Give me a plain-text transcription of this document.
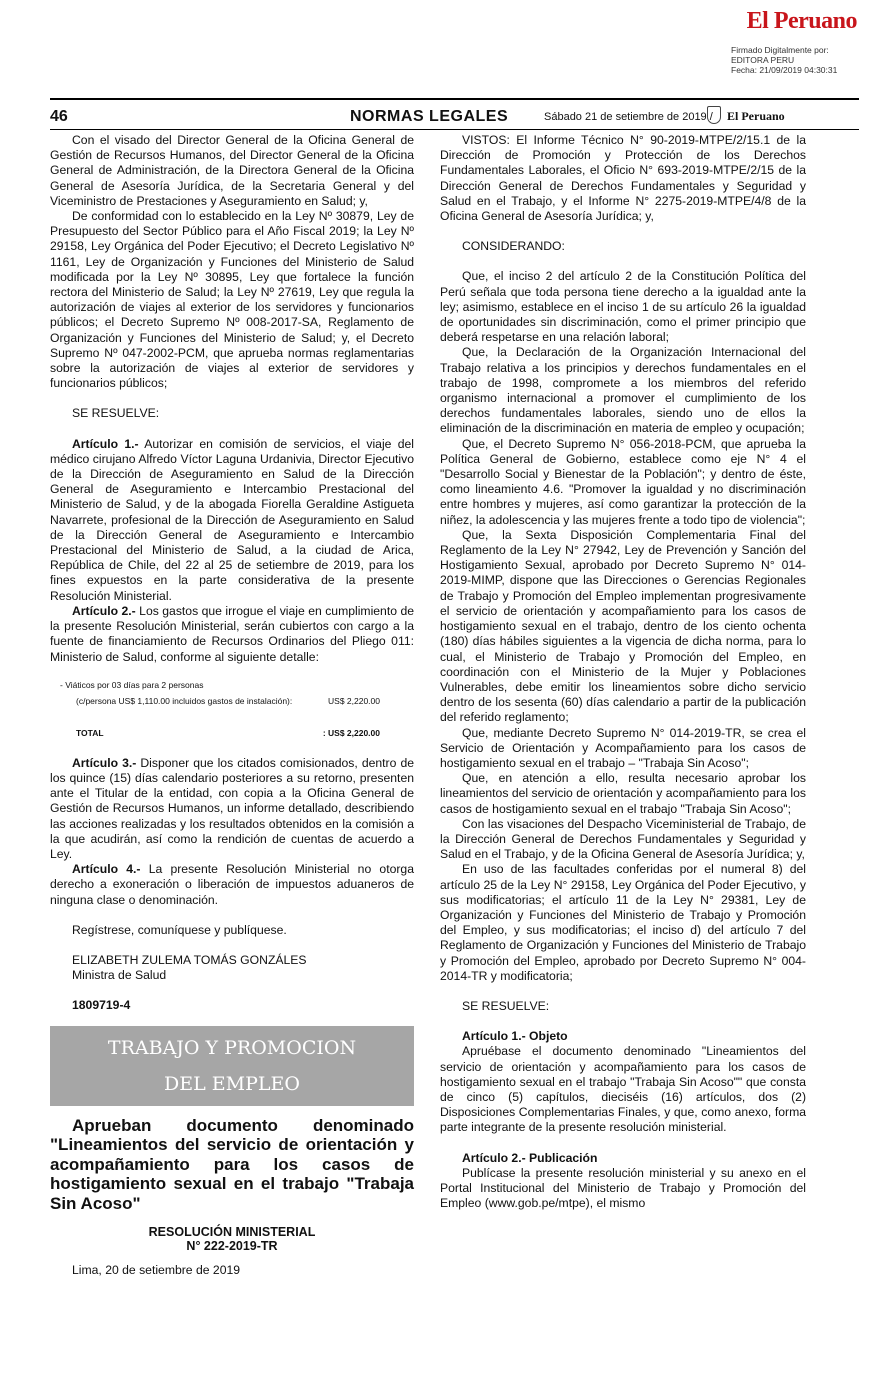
El Peruano
Firmado Digitalmente por:
EDITORA PERU
Fecha: 21/09/2019 04:30:31
46	NORMAS LEGALES	Sábado 21 de setiembre de 2019 / El Peruano

Con el visado del Director General de la Oficina General de Gestión de Recursos Humanos, del Director General de la Oficina General de Administración, de la Directora General de la Oficina General de Asesoría Jurídica, de la Secretaria General y del Viceministro de Prestaciones y Aseguramiento en Salud; y,

De conformidad con lo establecido en la Ley Nº 30879, Ley de Presupuesto del Sector Público para el Año Fiscal 2019; la Ley Nº 29158, Ley Orgánica del Poder Ejecutivo; el Decreto Legislativo Nº 1161, Ley de Organización y Funciones del Ministerio de Salud modificada por la Ley Nº 30895, Ley que fortalece la función rectora del Ministerio de Salud; la Ley Nº 27619, Ley que regula la autorización de viajes al exterior de los servidores y funcionarios públicos; el Decreto Supremo Nº 008-2017-SA, Reglamento de Organización y Funciones del Ministerio de Salud; y, el Decreto Supremo Nº 047-2002-PCM, que aprueba normas reglamentarias sobre la autorización de viajes al exterior de servidores y funcionarios públicos;

SE RESUELVE:

Artículo 1.- Autorizar en comisión de servicios, el viaje del médico cirujano Alfredo Víctor Laguna Urdanivia, Director Ejecutivo de la Dirección de Aseguramiento en Salud de la Dirección General de Aseguramiento e Intercambio Prestacional del Ministerio de Salud, y de la abogada Fiorella Geraldine Astigueta Navarrete, profesional de la Dirección de Aseguramiento en Salud de la Dirección General de Aseguramiento e Intercambio Prestacional del Ministerio de Salud, a la ciudad de Arica, República de Chile, del 22 al 25 de setiembre de 2019, para los fines expuestos en la parte considerativa de la presente Resolución Ministerial.

Artículo 2.- Los gastos que irrogue el viaje en cumplimiento de la presente Resolución Ministerial, serán cubiertos con cargo a la fuente de financiamiento de Recursos Ordinarios del Pliego 011: Ministerio de Salud, conforme al siguiente detalle:

- Viáticos por 03 días para 2 personas
(c/persona US$ 1,110.00 incluidos gastos de instalación):	US$ 2,220.00
TOTAL	: US$ 2,220.00

Artículo 3.- Disponer que los citados comisionados, dentro de los quince (15) días calendario posteriores a su retorno, presenten ante el Titular de la entidad, con copia a la Oficina General de Gestión de Recursos Humanos, un informe detallado, describiendo las acciones realizadas y los resultados obtenidos en la comisión a la que acudirán, así como la rendición de cuentas de acuerdo a Ley.

Artículo 4.- La presente Resolución Ministerial no otorga derecho a exoneración o liberación de impuestos aduaneros de ninguna clase o denominación.

Regístrese, comuníquese y publíquese.

ELIZABETH ZULEMA TOMÁS GONZÁLES

Ministra de Salud

1809719-4

TRABAJO Y PROMOCION
DEL EMPLEO

Aprueban documento denominado "Lineamientos del servicio de orientación y acompañamiento para los casos de hostigamiento sexual en el trabajo "Trabaja Sin Acoso"

RESOLUCIÓN MINISTERIAL
N° 222-2019-TR

Lima, 20 de setiembre de 2019

VISTOS: El Informe Técnico N° 90-2019-MTPE/2/15.1 de la Dirección de Promoción y Protección de los Derechos Fundamentales Laborales, el Oficio N° 693-2019-MTPE/2/15 de la Dirección General de Derechos Fundamentales y Seguridad y Salud en el Trabajo, y el Informe N° 2275-2019-MTPE/4/8 de la Oficina General de Asesoría Jurídica; y,

CONSIDERANDO:

Que, el inciso 2 del artículo 2 de la Constitución Política del Perú señala que toda persona tiene derecho a la igualdad ante la ley; asimismo, establece en el inciso 1 de su artículo 26 la igualdad de oportunidades sin discriminación, como el primer principio que deberá respetarse en una relación laboral;

Que, la Declaración de la Organización Internacional del Trabajo relativa a los principios y derechos fundamentales en el trabajo de 1998, compromete a los miembros del referido organismo internacional a promover el cumplimiento de los derechos fundamentales laborales, siendo uno de ellos la eliminación de la discriminación en materia de empleo y ocupación;

Que, el Decreto Supremo N° 056-2018-PCM, que aprueba la Política General de Gobierno, establece como eje N° 4 el "Desarrollo Social y Bienestar de la Población"; y dentro de éste, como lineamiento 4.6. "Promover la igualdad y no discriminación entre hombres y mujeres, así como garantizar la protección de la niñez, la adolescencia y las mujeres frente a todo tipo de violencia";

Que, la Sexta Disposición Complementaria Final del Reglamento de la Ley N° 27942, Ley de Prevención y Sanción del Hostigamiento Sexual, aprobado por Decreto Supremo N° 014-2019-MIMP, dispone que las Direcciones o Gerencias Regionales de Trabajo y Promoción del Empleo implementan progresivamente el servicio de orientación y acompañamiento para los casos de hostigamiento sexual en el trabajo, dentro de los ciento ochenta (180) días hábiles siguientes a la vigencia de dicha norma, para lo cual, el Ministerio de Trabajo y Promoción del Empleo, en coordinación con el Ministerio de la Mujer y Poblaciones Vulnerables, debe emitir los lineamientos sobre dicho servicio dentro de los sesenta (60) días calendario a partir de la publicación del referido reglamento;

Que, mediante Decreto Supremo N° 014-2019-TR, se crea el Servicio de Orientación y Acompañamiento para los casos de hostigamiento sexual en el trabajo – "Trabaja Sin Acoso";

Que, en atención a ello, resulta necesario aprobar los lineamientos del servicio de orientación y acompañamiento para los casos de hostigamiento sexual en el trabajo "Trabaja Sin Acoso";

Con las visaciones del Despacho Viceministerial de Trabajo, de la Dirección General de Derechos Fundamentales y Seguridad y Salud en el Trabajo, y de la Oficina General de Asesoría Jurídica; y,

En uso de las facultades conferidas por el numeral 8) del artículo 25 de la Ley N° 29158, Ley Orgánica del Poder Ejecutivo, y sus modificatorias; el artículo 11 de la Ley N° 29381, Ley de Organización y Funciones del Ministerio de Trabajo y Promoción del Empleo, y sus modificatorias; el inciso d) del artículo 7 del Reglamento de Organización y Funciones del Ministerio de Trabajo y Promoción del Empleo, aprobado por Decreto Supremo N° 004-2014-TR y modificatoria;

SE RESUELVE:

Artículo 1.- Objeto

Apruébase el documento denominado "Lineamientos del servicio de orientación y acompañamiento para los casos de hostigamiento sexual en el trabajo "Trabaja Sin Acoso"" que consta de cinco (5) capítulos, dieciséis (16) artículos, dos (2) Disposiciones Complementarias Finales, y que, como anexo, forma parte integrante de la presente resolución ministerial.

Artículo 2.- Publicación

Publícase la presente resolución ministerial y su anexo en el Portal Institucional del Ministerio de Trabajo y Promoción del Empleo (www.gob.pe/mtpe), el mismo
